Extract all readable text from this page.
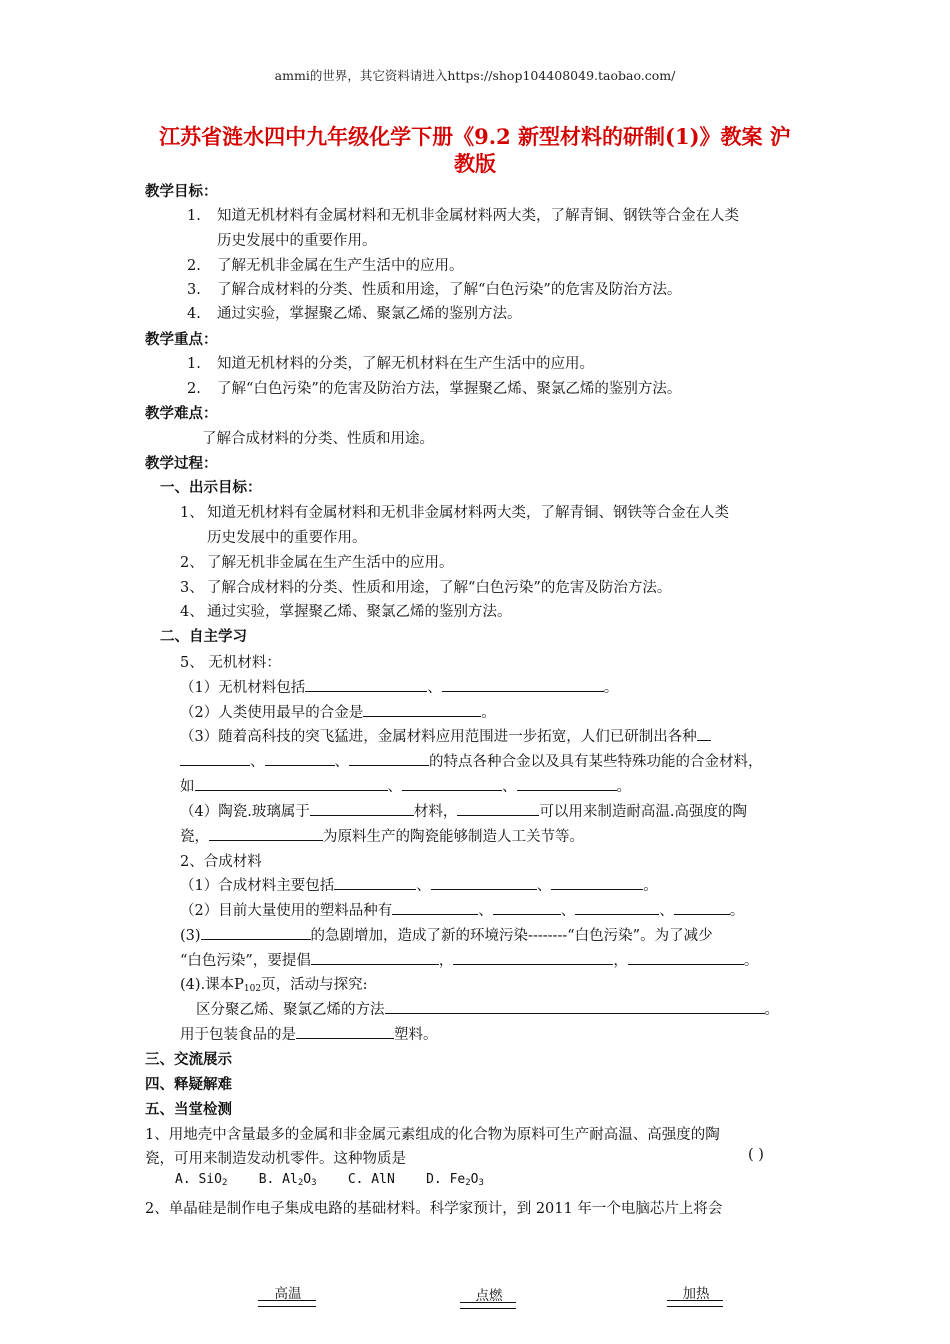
ammi的世界，其它资料请进入https://shop104408049.taobao.com/
江苏省涟水四中九年级化学下册《9.2 新型材料的研制(1)》教案 沪
教版
教学目标：
1. 知道无机材料有金属材料和无机非金属材料两大类，了解青铜、钢铁等合金在人类
历史发展中的重要作用。
2. 了解无机非金属在生产生活中的应用。
3. 了解合成材料的分类、性质和用途，了解“白色污染”的危害及防治方法。
4. 通过实验，掌握聚乙烯、聚氯乙烯的鉴别方法。
教学重点：
1. 知道无机材料的分类，了解无机材料在生产生活中的应用。
2. 了解“白色污染”的危害及防治方法，掌握聚乙烯、聚氯乙烯的鉴别方法。
教学难点：
了解合成材料的分类、性质和用途。
教学过程：
一、出示目标：
1、 知道无机材料有金属材料和无机非金属材料两大类，了解青铜、钢铁等合金在人类
历史发展中的重要作用。
2、 了解无机非金属在生产生活中的应用。
3、 了解合成材料的分类、性质和用途，了解“白色污染”的危害及防治方法。
4、 通过实验，掌握聚乙烯、聚氯乙烯的鉴别方法。
二、自主学习
5、 无机材料：
（1）无机材料包括	、	。
（2）人类使用最早的合金是	。
（3）随着高科技的突飞猛进，金属材料应用范围进一步拓宽，人们已研制出各种
、	、	的特点各种合金以及具有某些特殊功能的合金材料，
如	、	、	。
（4）陶瓷.玻璃属于	材料，	可以用来制造耐高温.高强度的陶
瓷，	为原料生产的陶瓷能够制造人工关节等。
2、合成材料
（1）合成材料主要包括	、	、	。
（2）目前大量使用的塑料品种有	、	、	、	。
(3)	的急剧增加，造成了新的环境污染--------“白色污染”。为了减少
“白色污染”，要提倡	，	，	。
(4).课本$P_{102}$页，活动与探究:
区分聚乙烯、聚氯乙烯的方法	。
用于包装食品的是	塑料。
三、交流展示
四、释疑解难
五、当堂检测
1、用地壳中含量最多的金属和非金属元素组成的化合物为原料可生产耐高温、高强度的陶
瓷，可用来制造发动机零件。这种物质是	( )
A. SiO$_2$ B. $Al_2O_3$ C. AlN D. $Fe_2O_3$
2、单晶硅是制作电子集成电路的基础材料。科学家预计，到 2011 年一个电脑芯片上将会
高温	点燃	加热
